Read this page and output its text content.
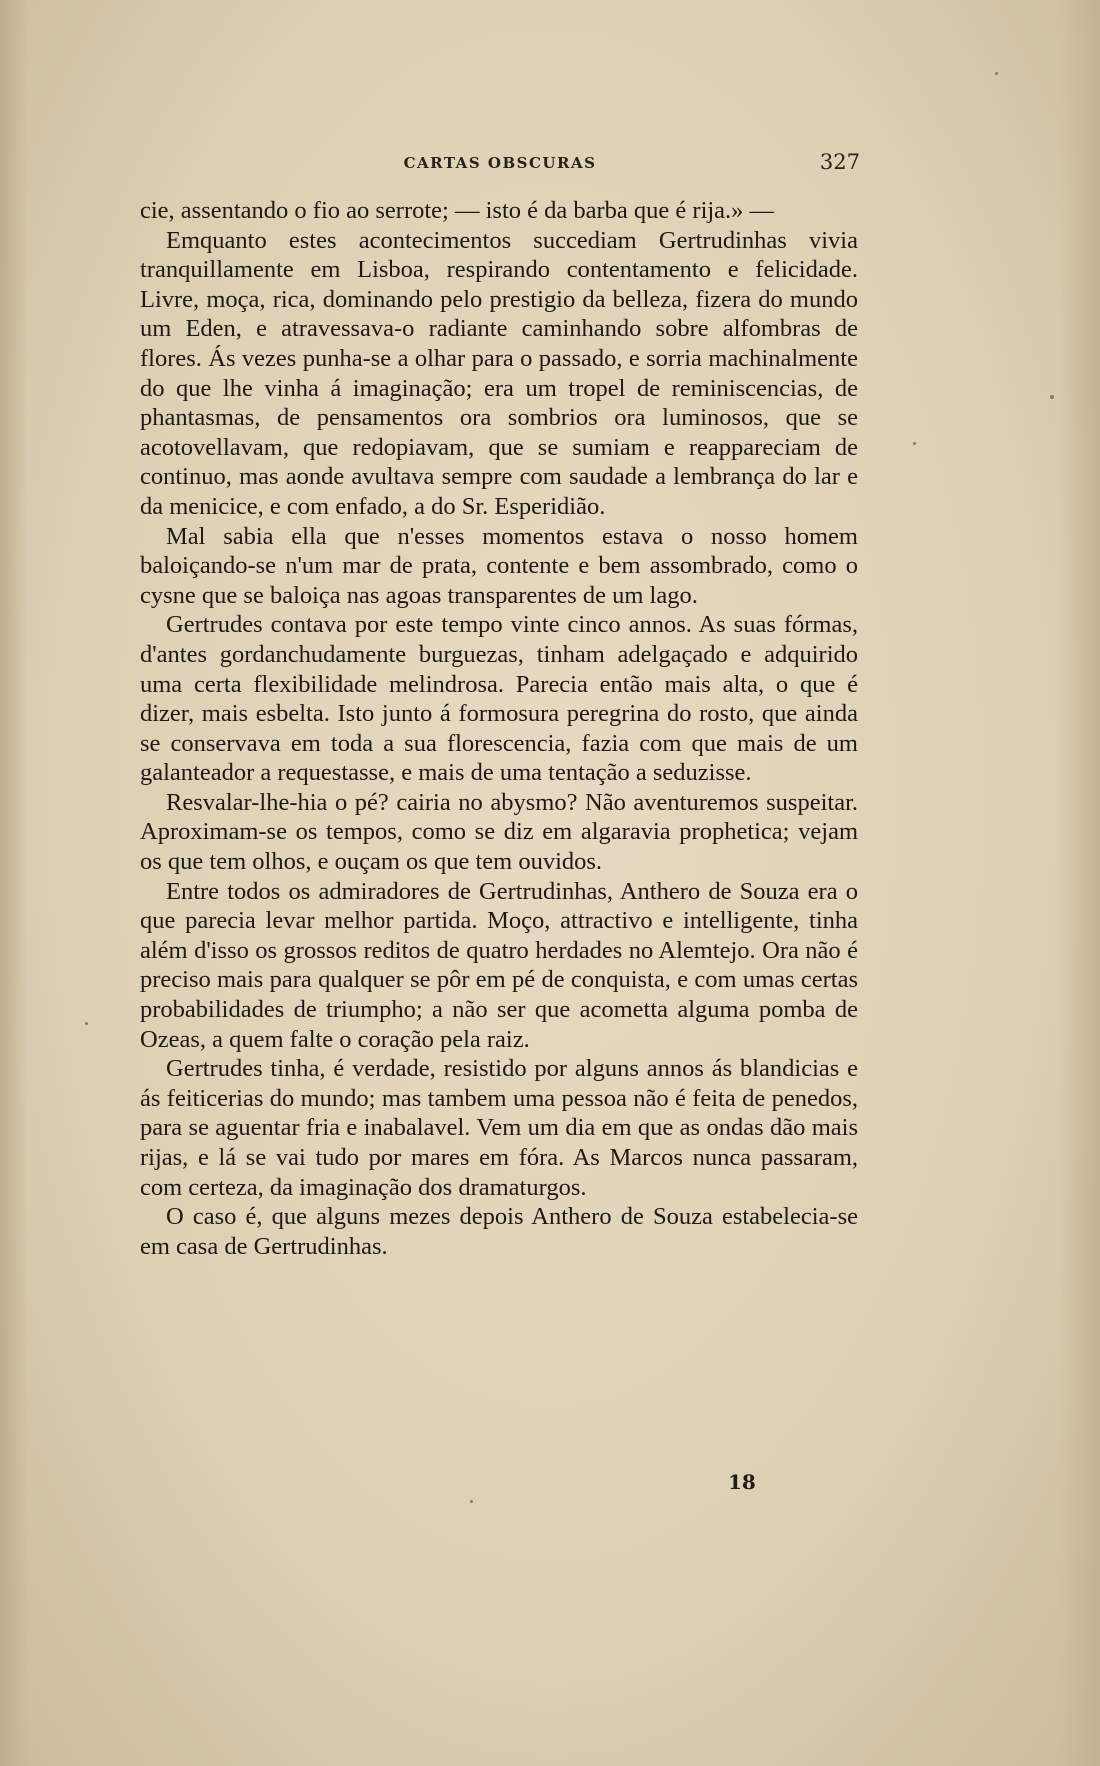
CARTAS OBSCURAS	327

cie, assentando o fio ao serrote; — isto é da barba que é rija.» —

Emquanto estes acontecimentos succediam Gertrudinhas vivia tranquillamente em Lisboa, respirando contentamento e felicidade. Livre, moça, rica, dominando pelo prestigio da belleza, fizera do mundo um Eden, e atravessava-o radiante caminhando sobre alfombras de flores. Ás vezes punha-se a olhar para o passado, e sorria machinalmente do que lhe vinha á imaginação; era um tropel de reminiscencias, de phantasmas, de pensamentos ora sombrios ora luminosos, que se acotovellavam, que redopiavam, que se sumiam e reappareciam de continuo, mas aonde avultava sempre com saudade a lembrança do lar e da menicice, e com enfado, a do Sr. Esperidião.

Mal sabia ella que n'esses momentos estava o nosso homem baloiçando-se n'um mar de prata, contente e bem assombrado, como o cysne que se baloiça nas agoas transparentes de um lago.

Gertrudes contava por este tempo vinte cinco annos. As suas fórmas, d'antes gordanchudamente burguezas, tinham adelgaçado e adquirido uma certa flexibilidade melindrosa. Parecia então mais alta, o que é dizer, mais esbelta. Isto junto á formosura peregrina do rosto, que ainda se conservava em toda a sua florescencia, fazia com que mais de um galanteador a requestasse, e mais de uma tentação a seduzisse.

Resvalar-lhe-hia o pé? cairia no abysmo? Não aventuremos suspeitar. Aproximam-se os tempos, como se diz em algaravia prophetica; vejam os que tem olhos, e ouçam os que tem ouvidos.

Entre todos os admiradores de Gertrudinhas, Anthero de Souza era o que parecia levar melhor partida. Moço, attractivo e intelligente, tinha além d'isso os grossos reditos de quatro herdades no Alemtejo. Ora não é preciso mais para qualquer se pôr em pé de conquista, e com umas certas probabilidades de triumpho; a não ser que acometta alguma pomba de Ozeas, a quem falte o coração pela raiz.

Gertrudes tinha, é verdade, resistido por alguns annos ás blandicias e ás feiticerias do mundo; mas tambem uma pessoa não é feita de penedos, para se aguentar fria e inabalavel. Vem um dia em que as ondas dão mais rijas, e lá se vai tudo por mares em fóra. As Marcos nunca passaram, com certeza, da imaginação dos dramaturgos.

O caso é, que alguns mezes depois Anthero de Souza estabelecia-se em casa de Gertrudinhas.

18
